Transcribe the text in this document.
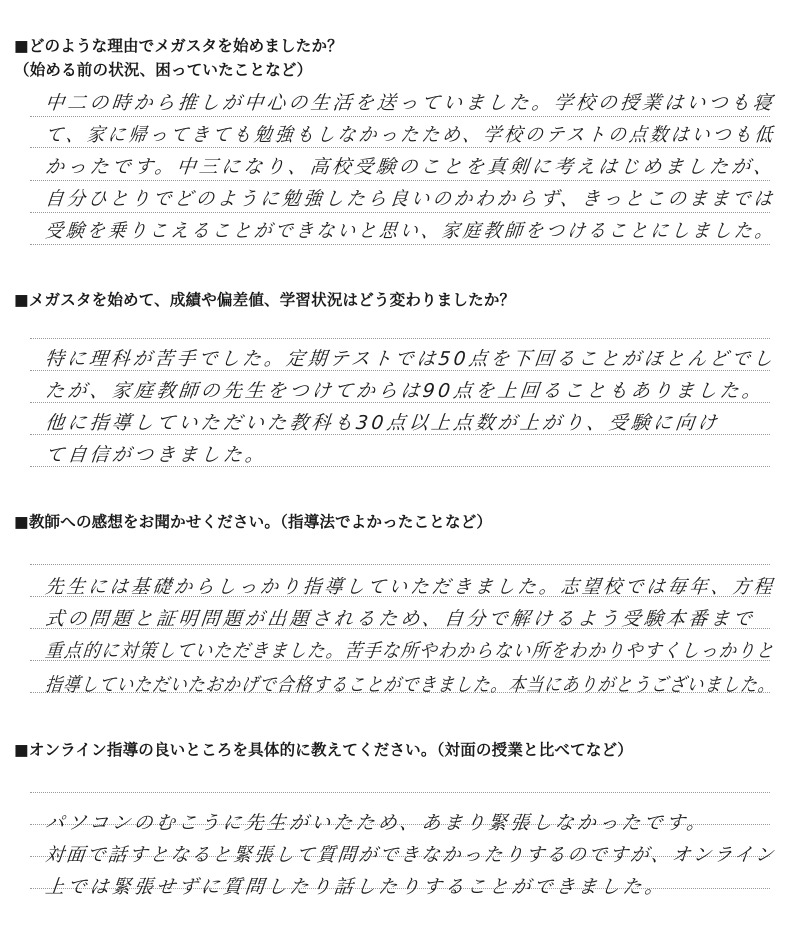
■どのような理由でメガスタを始めましたか？
（始める前の状況、困っていたことなど）
中二の時から推しが中心の生活を送っていました。学校の授業はいつも寝
て、家に帰ってきても勉強もしなかったため、学校のテストの点数はいつも低
かったです。中三になり、高校受験のことを真剣に考えはじめましたが、
自分ひとりでどのように勉強したら良いのかわからず、きっとこのままでは
受験を乗りこえることができないと思い、家庭教師をつけることにしました。
■メガスタを始めて、成績や偏差値、学習状況はどう変わりましたか？
特に理科が苦手でした。定期テストでは50点を下回ることがほとんどでし
たが、家庭教師の先生をつけてからは90点を上回ることもありました。
他に指導していただいた教科も30点以上点数が上がり、受験に向け
て自信がつきました。
■教師への感想をお聞かせください。（指導法でよかったことなど）
先生には基礎からしっかり指導していただきました。志望校では毎年、方程
式の問題と証明問題が出題されるため、自分で解けるよう受験本番まで
重点的に対策していただきました。苦手な所やわからない所をわかりやすくしっかりと
指導していただいたおかげで合格することができました。本当にありがとうございました。
■オンライン指導の良いところを具体的に教えてください。（対面の授業と比べてなど）
パソコンのむこうに先生がいたため、あまり緊張しなかったです。
対面で話すとなると緊張して質問ができなかったりするのですが、オンライン
上では緊張せずに質問したり話したりすることができました。
